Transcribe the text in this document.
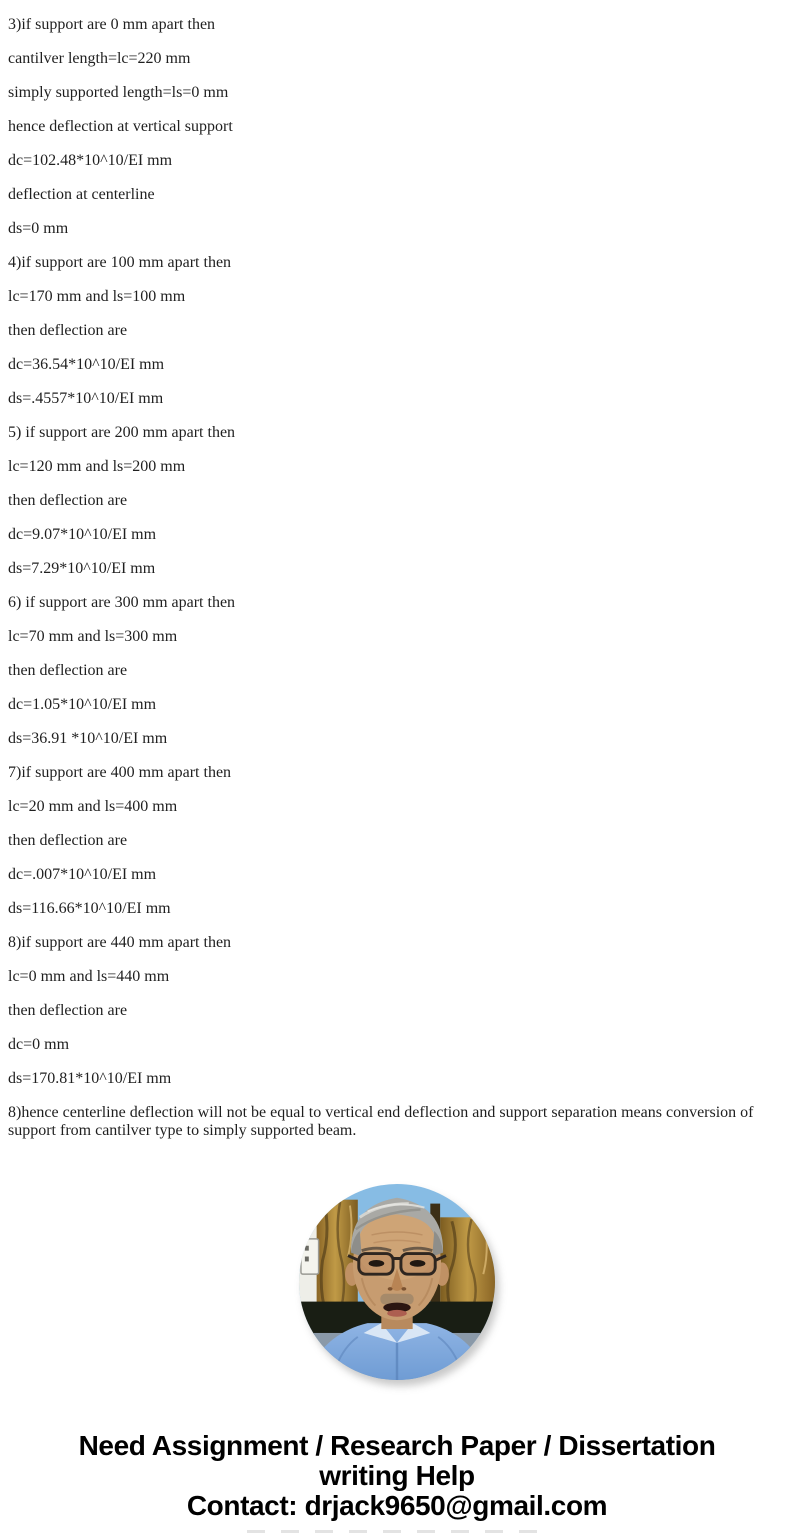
3)if support are 0 mm apart then

cantilver length=lc=220 mm

simply supported length=ls=0 mm

hence deflection at vertical support

dc=102.48*10^10/EI mm

deflection at centerline

ds=0 mm

4)if support are 100 mm apart then

lc=170 mm and ls=100 mm

then deflection are

dc=36.54*10^10/EI mm

ds=.4557*10^10/EI mm

5) if support are 200 mm apart then

lc=120 mm and ls=200 mm

then deflection are

dc=9.07*10^10/EI mm

ds=7.29*10^10/EI mm

6) if support are 300 mm apart then

lc=70 mm and ls=300 mm

then deflection are

dc=1.05*10^10/EI mm

ds=36.91 *10^10/EI mm

7)if support are 400 mm apart then

lc=20 mm and ls=400 mm

then deflection are

dc=.007*10^10/EI mm

ds=116.66*10^10/EI mm

8)if support are 440 mm apart then

lc=0 mm and ls=440 mm

then deflection are

dc=0 mm

ds=170.81*10^10/EI mm

8)hence centerline deflection will not be equal to vertical end deflection and support separation means conversion of support from cantilver type to simply supported beam.

Need Assignment / Research Paper / Dissertation
writing Help
Contact: drjack9650@gmail.com
